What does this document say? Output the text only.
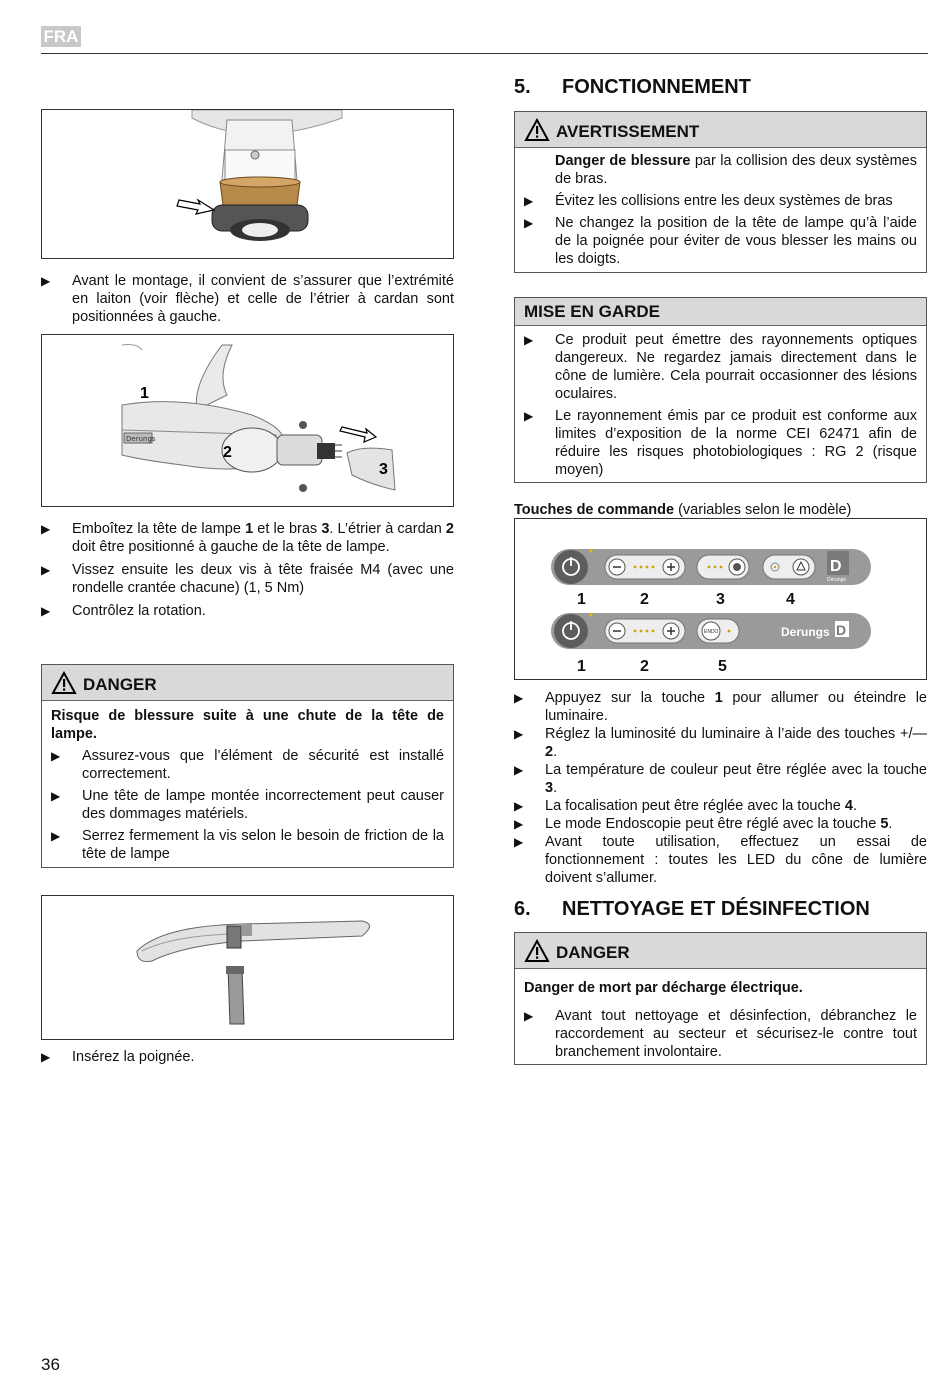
FRA
▶ Avant le montage, il convient de s’assurer que l’extrémité en laiton (voir flèche) et celle de l’étrier à cardan sont positionnées à gauche.
Derungs
1
2
3
▶ Emboîtez la tête de lampe 1 et le bras 3. L’étrier à cardan 2 doit être positionné à gauche de la tête de lampe.
▶ Vissez ensuite les deux vis à tête fraisée M4 (avec une rondelle crantée chacune) (1, 5 Nm)
▶ Contrôlez la rotation.
DANGER
Risque de blessure suite à une chute de la tête de lampe.
▶ Assurez-vous que l’élément de sécurité est installé correctement.
▶ Une tête de lampe montée incorrectement peut causer des dommages matériels.
▶ Serrez fermement la vis selon le besoin de friction de la tête de lampe
▶ Insérez la poignée.
5. FONCTIONNEMENT
AVERTISSEMENT
Danger de blessure par la collision des deux systèmes de bras.
▶ Évitez les collisions entre les deux systèmes de bras
▶ Ne changez la position de la tête de lampe qu’à l’aide de la poignée pour éviter de vous blesser les mains ou les doigts.
MISE EN GARDE
▶ Ce produit peut émettre des rayonnements optiques dangereux. Ne regardez jamais directement dans le cône de lumière. Cela pourrait occasionner des lésions oculaires.
▶ Le rayonnement émis par ce produit est conforme aux limites d’exposition de la norme CEI 62471 afin de réduire les risques photobiologiques : RG 2 (risque moyen)
Touches de commande (variables selon le modèle)
D
Derungs
1	2	3	4
ENDO	Derungs D
1	2	5
▶ Appuyez sur la touche 1 pour allumer ou éteindre le luminaire.
▶ Réglez la luminosité du luminaire à l’aide des touches +/— 2.
▶ La température de couleur peut être réglée avec la touche 3.
▶ La focalisation peut être réglée avec la touche 4.
▶ Le mode Endoscopie peut être réglé avec la touche 5.
▶ Avant toute utilisation, effectuez un essai de fonctionnement : toutes les LED du cône de lumière doivent s’allumer.
6. NETTOYAGE ET DÉSINFECTION
DANGER
Danger de mort par décharge électrique.
▶ Avant tout nettoyage et désinfection, débranchez le raccordement au secteur et sécurisez-le contre tout branchement involontaire.
36
